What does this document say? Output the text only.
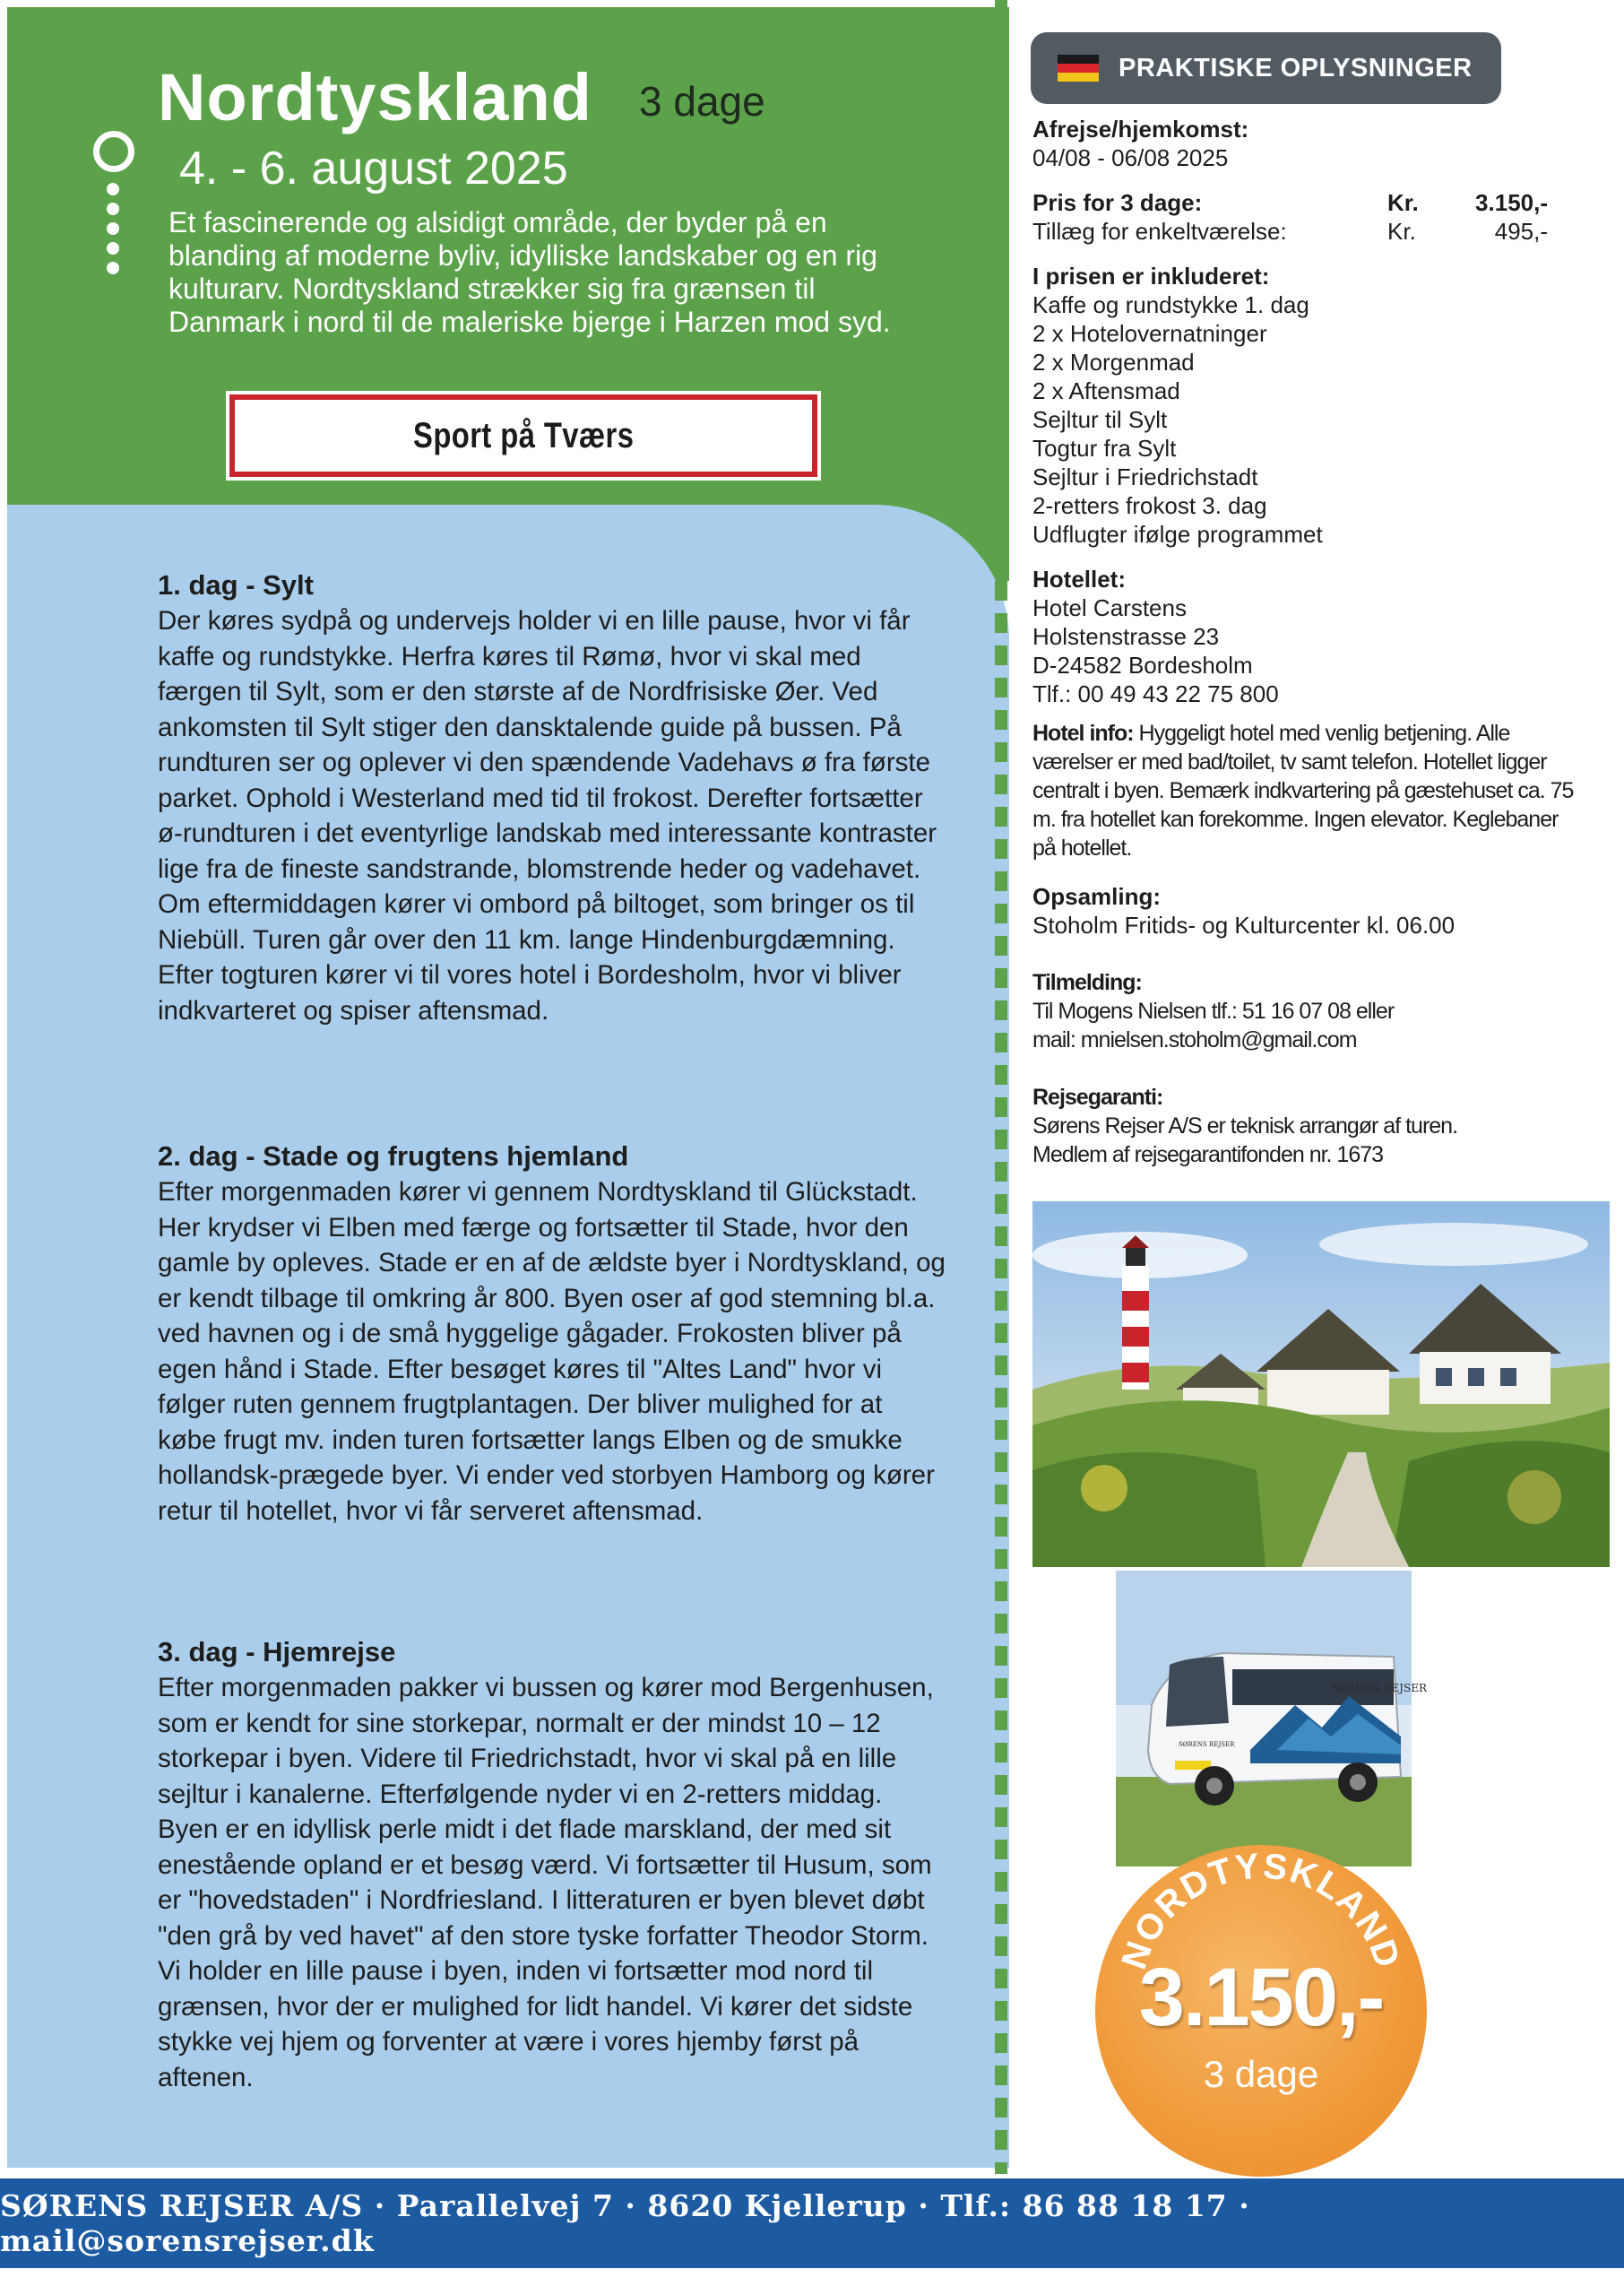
Nordtyskland 3 dage
4. - 6. august 2025
Et fascinerende og alsidigt område, der byder på en blanding af moderne byliv, idylliske landskaber og en rig kulturarv. Nordtyskland strækker sig fra grænsen til Danmark i nord til de maleriske bjerge i Harzen mod syd.
Sport på Tværs
1. dag - Sylt
Der køres sydpå og undervejs holder vi en lille pause, hvor vi får kaffe og rundstykke. Herfra køres til Rømø, hvor vi skal med færgen til Sylt, som er den største af de Nordfrisiske Øer. Ved ankomsten til Sylt stiger den dansktalende guide på bussen. På rundturen ser og oplever vi den spændende Vadehavs ø fra første parket. Ophold i Westerland med tid til frokost. Derefter fortsætter ø-rundturen i det eventyrlige landskab med interessante kontraster lige fra de fineste sandstrande, blomstrende heder og vadehavet. Om eftermiddagen kører vi ombord på biltoget, som bringer os til Niebüll. Turen går over den 11 km. lange Hindenburgdæmning. Efter togturen kører vi til vores hotel i Bordesholm, hvor vi bliver indkvarteret og spiser aftensmad.
2. dag - Stade og frugtens hjemland
Efter morgenmaden kører vi gennem Nordtyskland til Glückstadt. Her krydser vi Elben med færge og fortsætter til Stade, hvor den gamle by opleves. Stade er en af de ældste byer i Nordtyskland, og er kendt tilbage til omkring år 800. Byen oser af god stemning bl.a. ved havnen og i de små hyggelige gågader. Frokosten bliver på egen hånd i Stade. Efter besøget køres til "Altes Land" hvor vi følger ruten gennem frugtplantagen. Der bliver mulighed for at købe frugt mv. inden turen fortsætter langs Elben og de smukke hollandsk-prægede byer. Vi ender ved storbyen Hamborg og kører retur til hotellet, hvor vi får serveret aftensmad.
3. dag - Hjemrejse
Efter morgenmaden pakker vi bussen og kører mod Bergenhusen, som er kendt for sine storkepar, normalt er der mindst 10 – 12 storkepar i byen. Videre til Friedrichstadt, hvor vi skal på en lille sejltur i kanalerne. Efterfølgende nyder vi en 2-retters middag. Byen er en idyllisk perle midt i det flade marskland, der med sit enestående opland er et besøg værd. Vi fortsætter til Husum, som er "hovedstaden" i Nordfriesland. I litteraturen er byen blevet døbt "den grå by ved havet" af den store tyske forfatter Theodor Storm. Vi holder en lille pause i byen, inden vi fortsætter mod nord til grænsen, hvor der er mulighed for lidt handel. Vi kører det sidste stykke vej hjem og forventer at være i vores hjemby først på aftenen.
PRAKTISKE OPLYSNINGER
Afrejse/hjemkomst:
04/08 - 06/08 2025
Pris for 3 dage:	Kr. 3.150,-
Tillæg for enkeltværelse:	Kr.	495,-
I prisen er inkluderet:
Kaffe og rundstykke 1. dag
2 x Hotelovernatninger
2 x Morgenmad
2 x Aftensmad
Sejltur til Sylt
Togtur fra Sylt
Sejltur i Friedrichstadt
2-retters frokost 3. dag
Udflugter ifølge programmet
Hotellet:
Hotel Carstens
Holstenstrasse 23
D-24582 Bordesholm
Tlf.: 00 49 43 22 75 800
Hotel info: Hyggeligt hotel med venlig betjening. Alle værelser er med bad/toilet, tv samt telefon. Hotellet ligger centralt i byen. Bemærk indkvartering på gæstehuset ca. 75 m. fra hotellet kan forekomme. Ingen elevator. Keglebaner på hotellet.
Opsamling:
Stoholm Fritids- og Kulturcenter kl. 06.00
Tilmelding:
Til Mogens Nielsen tlf.: 51 16 07 08 eller
mail: mnielsen.stoholm@gmail.com
Rejsegaranti:
Sørens Rejser A/S er teknisk arrangør af turen.
Medlem af rejsegarantifonden nr. 1673
SØRENS REJSER
SØRENS REJSER
NORDTYSKLAND
3.150,-
3 dage
SØRENS REJSER A/S · Parallelvej 7 · 8620 Kjellerup · Tlf.: 86 88 18 17 · mail@sorensrejser.dk
